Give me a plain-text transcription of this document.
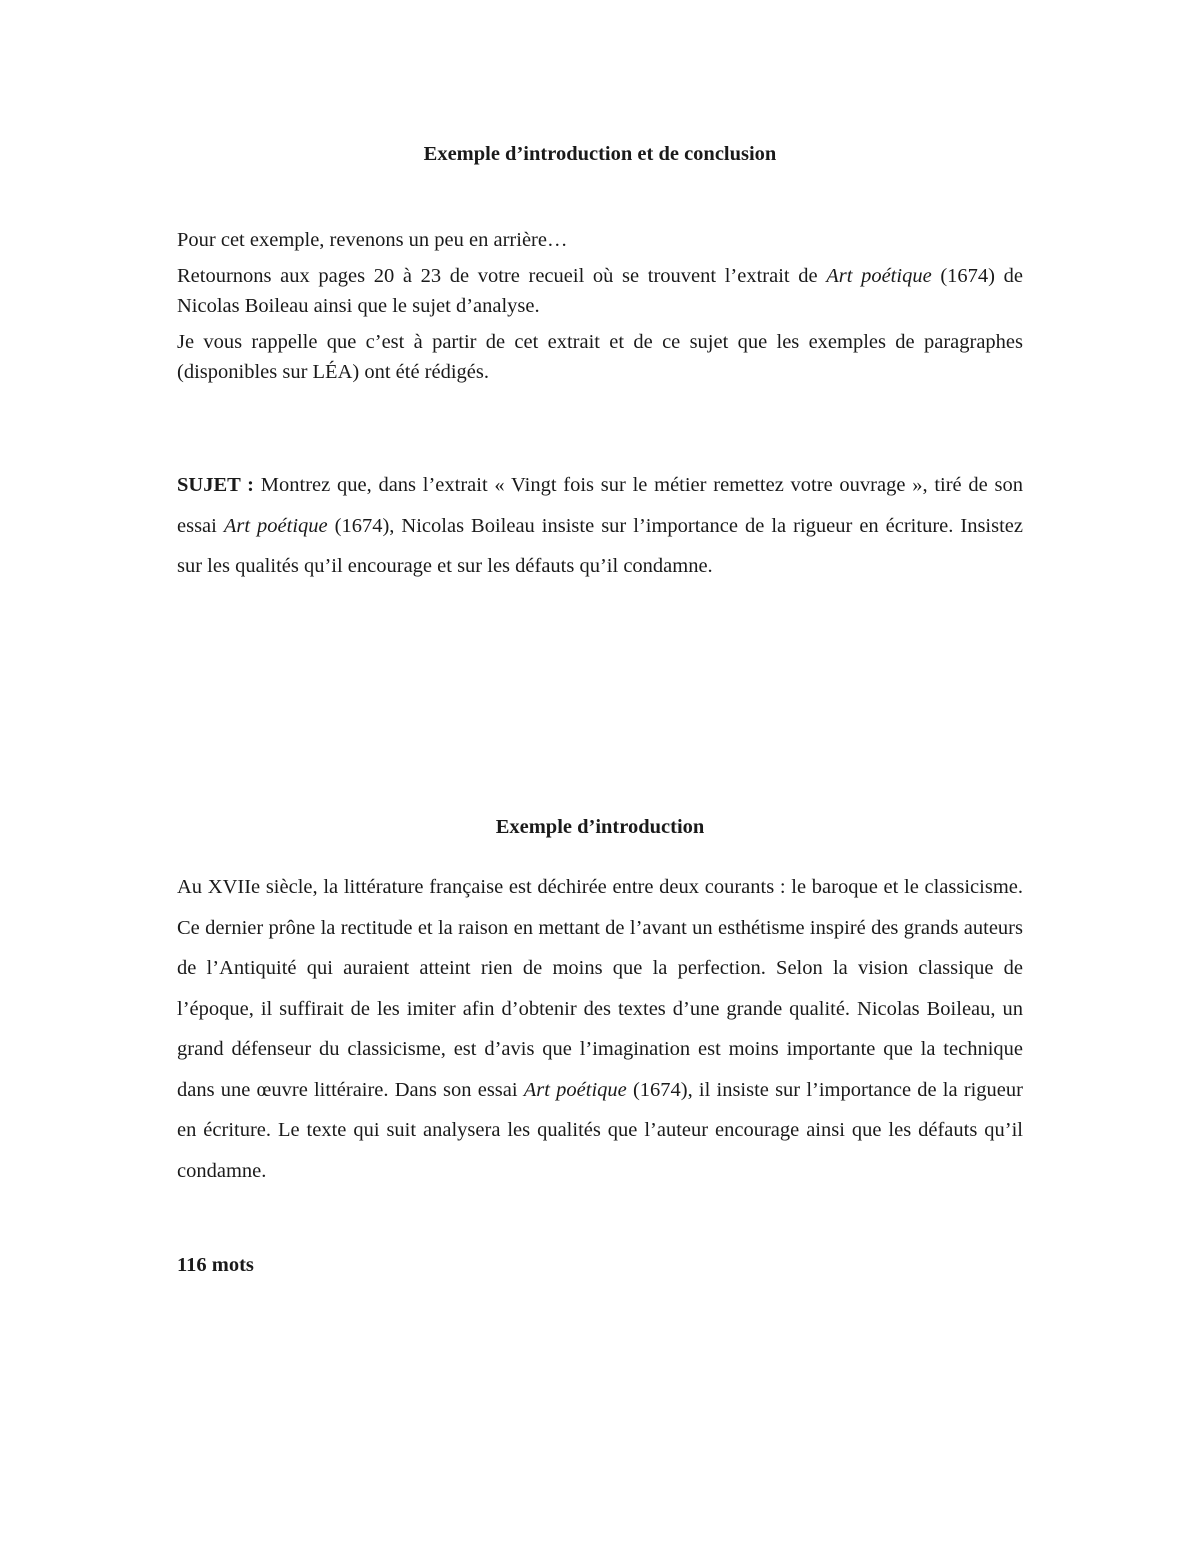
Exemple d’introduction et de conclusion

Pour cet exemple, revenons un peu en arrière…

Retournons aux pages 20 à 23 de votre recueil où se trouvent l’extrait de Art poétique (1674) de Nicolas Boileau ainsi que le sujet d’analyse.

Je vous rappelle que c’est à partir de cet extrait et de ce sujet que les exemples de paragraphes (disponibles sur LÉA) ont été rédigés.

SUJET : Montrez que, dans l’extrait « Vingt fois sur le métier remettez votre ouvrage », tiré de son essai Art poétique (1674), Nicolas Boileau insiste sur l’importance de la rigueur en écriture. Insistez sur les qualités qu’il encourage et sur les défauts qu’il condamne.

Exemple d’introduction

Au XVIIe siècle, la littérature française est déchirée entre deux courants : le baroque et le classicisme. Ce dernier prône la rectitude et la raison en mettant de l’avant un esthétisme inspiré des grands auteurs de l’Antiquité qui auraient atteint rien de moins que la perfection. Selon la vision classique de l’époque, il suffirait de les imiter afin d’obtenir des textes d’une grande qualité. Nicolas Boileau, un grand défenseur du classicisme, est d’avis que l’imagination est moins importante que la technique dans une œuvre littéraire. Dans son essai Art poétique (1674), il insiste sur l’importance de la rigueur en écriture. Le texte qui suit analysera les qualités que l’auteur encourage ainsi que les défauts qu’il condamne.

116 mots
